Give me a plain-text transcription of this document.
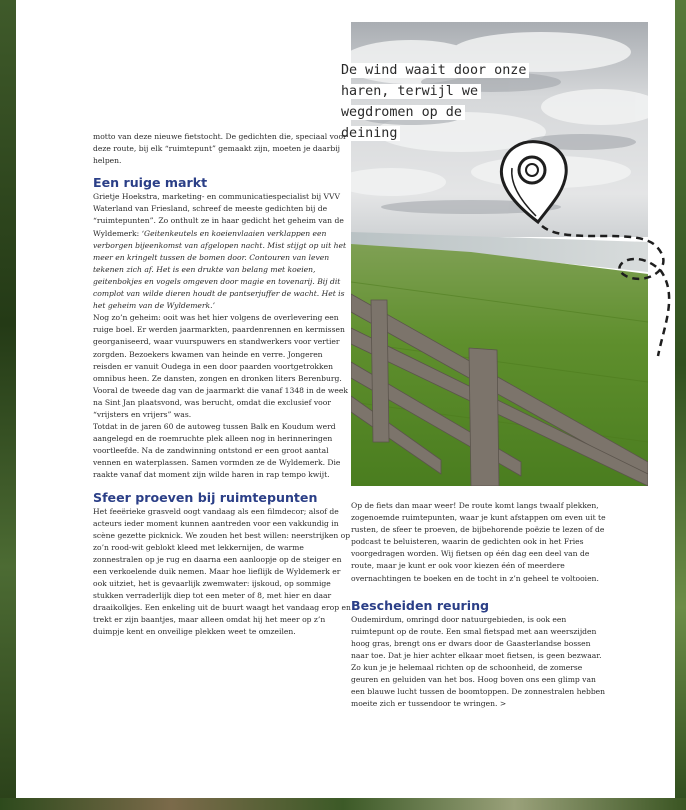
De wind waait door onze haren, terwijl we wegdromen op de deining

motto van deze nieuwe fietstocht. De gedichten die, speciaal voor deze route, bij elk “ruimtepunt” gemaakt zijn, moeten je daarbij helpen.

Een ruige markt

Grietje Hoekstra, marketing- en communicatiespecialist bij VVV Waterland van Friesland, schreef de meeste gedichten bij de “ruimtepunten”. Zo onthult ze in haar gedicht het geheim van de Wyldemerk: ‘Geitenkeutels en koeienvlaaien verklappen een verborgen bijeenkomst van afgelopen nacht. Mist stijgt op uit het meer en kringelt tussen de bomen door. Contouren van leven tekenen zich af. Het is een drukte van belang met koeien, geitenbokjes en vogels omgeven door magie en tovenarij. Bij dit complot van wilde dieren houdt de pantserjuffer de wacht. Het is het geheim van de Wyldemerk.’

Nog zo’n geheim: ooit was het hier volgens de overlevering een ruige boel. Er werden jaarmarkten, paardenrennen en kermissen georganiseerd, waar vuurspuwers en standwerkers voor vertier zorgden. Bezoekers kwamen van heinde en verre. Jongeren reisden er vanuit Oudega in een door paarden voortgetrokken omnibus heen. Ze dansten, zongen en dronken liters Berenburg. Vooral de tweede dag van de jaarmarkt die vanaf 1348 in de week na Sint Jan plaatsvond, was berucht, omdat die exclusief voor “vrijsters en vrijers” was.

Totdat in de jaren 60 de autoweg tussen Balk en Koudum werd aangelegd en de roemruchte plek alleen nog in herinneringen voortleefde. Na de zandwinning ontstond er een groot aantal vennen en waterplassen. Samen vormden ze de Wyldemerk. Die raakte vanaf dat moment zijn wilde haren in rap tempo kwijt.

Sfeer proeven bij ruimtepunten

Het feeërieke grasveld oogt vandaag als een filmdecor; alsof de acteurs ieder moment kunnen aantreden voor een vakkundig in scène gezette picknick. We zouden het best willen: neerstrijken op zo’n rood-wit geblokt kleed met lekkernijen, de warme zonnestralen op je rug en daarna een aanloopje op de steiger en een verkoelende duik nemen. Maar hoe lieflijk de Wyldemerk er ook uitziet, het is gevaarlijk zwemwater: ijskoud, op sommige stukken verraderlijk diep tot een meter of 8, met hier en daar draaikolkjes. Een enkeling uit de buurt waagt het vandaag erop en trekt er zijn baantjes, maar alleen omdat hij het meer op z’n duimpje kent en onveilige plekken weet te omzeilen.

Op de fiets dan maar weer! De route komt langs twaalf plekken, zogenoemde ruimtepunten, waar je kunt afstappen om even uit te rusten, de sfeer te proeven, de bijbehorende poëzie te lezen of de podcast te beluisteren, waarin de gedichten ook in het Fries voorgedragen worden. Wij fietsen op één dag een deel van de route, maar je kunt er ook voor kiezen één of meerdere overnachtingen te boeken en de tocht in z’n geheel te voltooien.

Bescheiden reuring

Oudemirdum, omringd door natuurgebieden, is ook een ruimtepunt op de route. Een smal fietspad met aan weerszijden hoog gras, brengt ons er dwars door de Gaasterlandse bossen naar toe. Dat je hier achter elkaar moet fietsen, is geen bezwaar. Zo kun je je helemaal richten op de schoonheid, de zomerse geuren en geluiden van het bos. Hoog boven ons een glimp van een blauwe lucht tussen de boomtoppen. De zonnestralen hebben moeite zich er tussendoor te wringen. >
